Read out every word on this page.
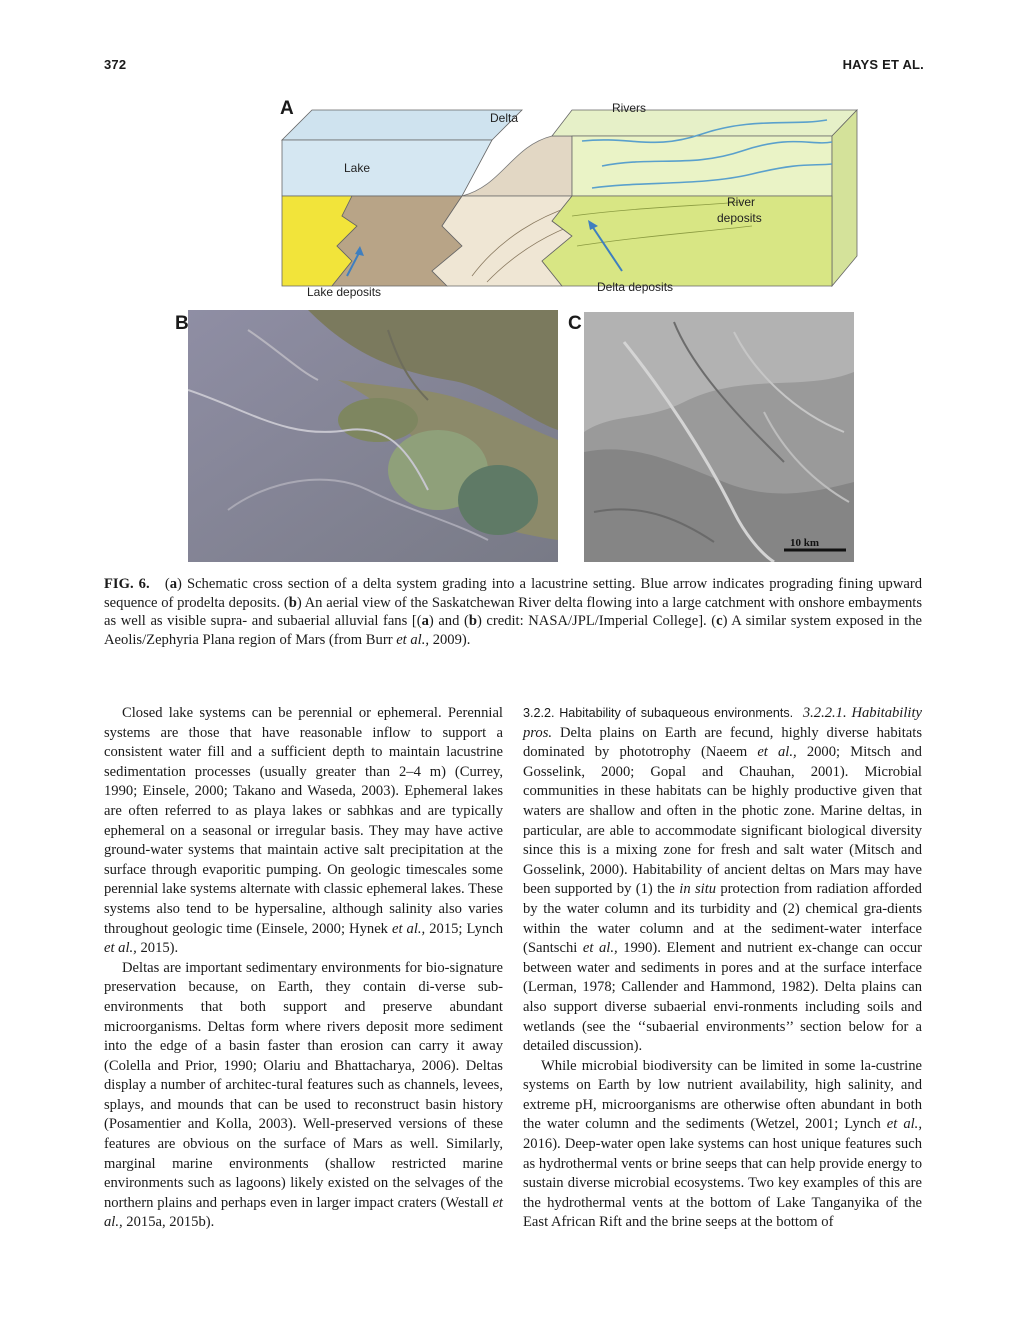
372	HAYS ET AL.
Delta
Rivers
Lake
River
deposits
Lake deposits	Delta deposits
A
B
10 km
C
FIG. 6. (a) Schematic cross section of a delta system grading into a lacustrine setting. Blue arrow indicates prograding fining upward sequence of prodelta deposits. (b) An aerial view of the Saskatchewan River delta flowing into a large catchment with onshore embayments as well as visible supra- and subaerial alluvial fans [(a) and (b) credit: NASA/JPL/Imperial College]. (c) A similar system exposed in the Aeolis/Zephyria Plana region of Mars (from Burr et al., 2009).

Closed lake systems can be perennial or ephemeral. Perennial systems are those that have reasonable inflow to support a consistent water fill and a sufficient depth to maintain lacustrine sedimentation processes (usually greater than 2–4 m) (Currey, 1990; Einsele, 2000; Takano and Waseda, 2003). Ephemeral lakes are often referred to as playa lakes or sabhkas and are typically ephemeral on a seasonal or irregular basis. They may have active ground-water systems that maintain active salt precipitation at the surface through evaporitic pumping. On geologic timescales some perennial lake systems alternate with classic ephemeral lakes. These systems also tend to be hypersaline, although salinity also varies throughout geologic time (Einsele, 2000; Hynek et al., 2015; Lynch et al., 2015).

Deltas are important sedimentary environments for bio-signature preservation because, on Earth, they contain di-verse sub-environments that both support and preserve abundant microorganisms. Deltas form where rivers deposit more sediment into the edge of a basin faster than erosion can carry it away (Colella and Prior, 1990; Olariu and Bhattacharya, 2006). Deltas display a number of architec-tural features such as channels, levees, splays, and mounds that can be used to reconstruct basin history (Posamentier and Kolla, 2003). Well-preserved versions of these features are obvious on the surface of Mars as well. Similarly, marginal marine environments (shallow restricted marine environments such as lagoons) likely existed on the selvages of the northern plains and perhaps even in larger impact craters (Westall et al., 2015a, 2015b).

3.2.2. Habitability of subaqueous environments. 3.2.2.1. Habitability pros. Delta plains on Earth are fecund, highly diverse habitats dominated by phototrophy (Naeem et al., 2000; Mitsch and Gosselink, 2000; Gopal and Chauhan, 2001). Microbial communities in these habitats can be highly productive given that waters are shallow and often in the photic zone. Marine deltas, in particular, are able to accommodate significant biological diversity since this is a mixing zone for fresh and salt water (Mitsch and Gosselink, 2000). Habitability of ancient deltas on Mars may have been supported by (1) the in situ protection from radiation afforded by the water column and its turbidity and (2) chemical gra-dients within the water column and at the sediment-water interface (Santschi et al., 1990). Element and nutrient ex-change can occur between water and sediments in pores and at the surface interface (Lerman, 1978; Callender and Hammond, 1982). Delta plains can also support diverse subaerial envi-ronments including soils and wetlands (see the ‘‘subaerial environments’’ section below for a detailed discussion).

While microbial biodiversity can be limited in some la-custrine systems on Earth by low nutrient availability, high salinity, and extreme pH, microorganisms are otherwise often abundant in both the water column and the sediments (Wetzel, 2001; Lynch et al., 2016). Deep-water open lake systems can host unique features such as hydrothermal vents or brine seeps that can help provide energy to sustain diverse microbial ecosystems. Two key examples of this are the hydrothermal vents at the bottom of Lake Tanganyika of the East African Rift and the brine seeps at the bottom of
